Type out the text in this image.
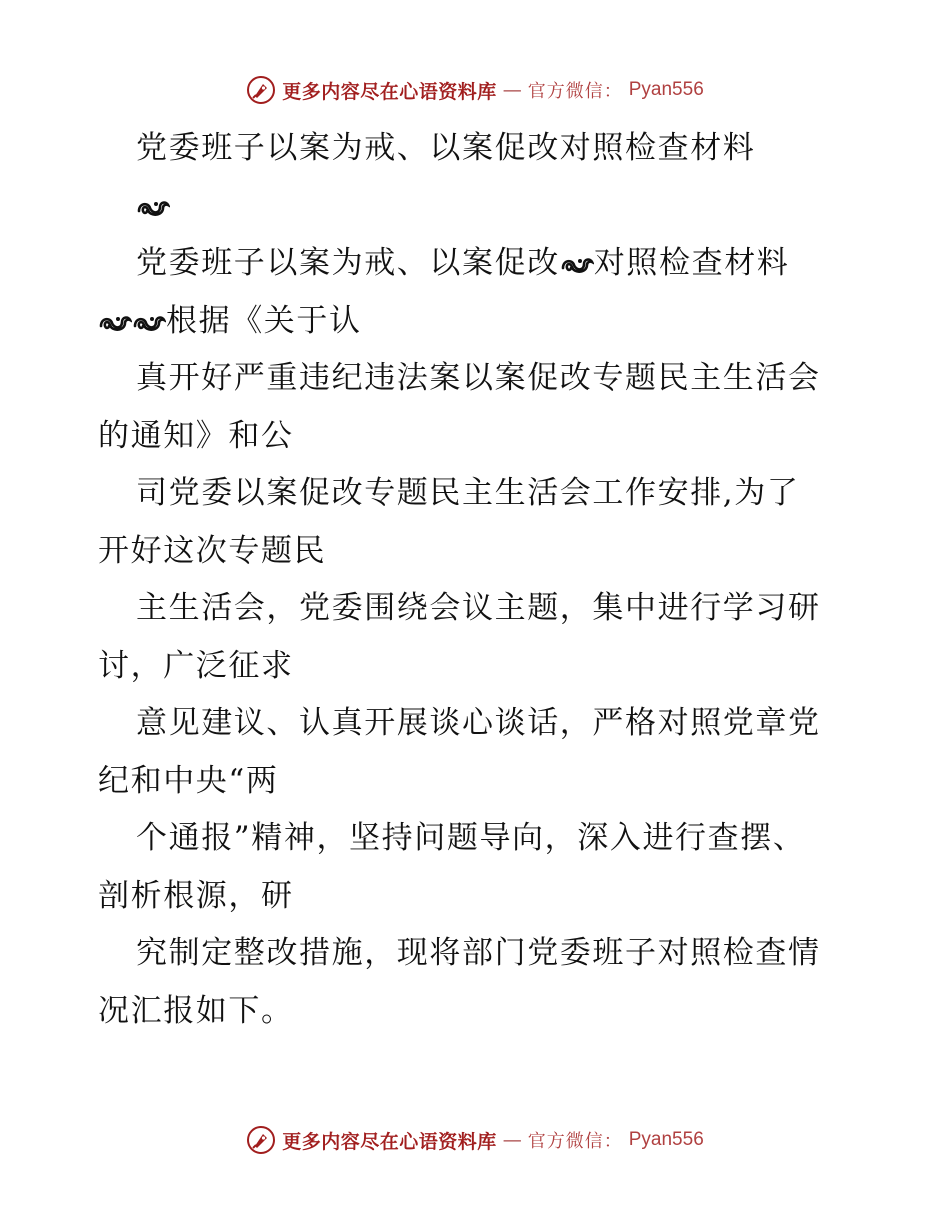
更多内容尽在心语资料库 — 官方微信： Pyan556
党委班子以案为戒、以案促改对照检查材料
党委班子以案为戒、以案促改 对照检查材料
根据《关于认
真开好严重违纪违法案以案促改专题民主生活会
的通知》和公
司党委以案促改专题民主生活会工作安排,为了
开好这次专题民
主生活会，党委围绕会议主题，集中进行学习研
讨，广泛征求
意见建议、认真开展谈心谈话，严格对照党章党
纪和中央“两
个通报”精神，坚持问题导向，深入进行查摆、
剖析根源，研
究制定整改措施，现将部门党委班子对照检查情
况汇报如下。
更多内容尽在心语资料库 — 官方微信： Pyan556
